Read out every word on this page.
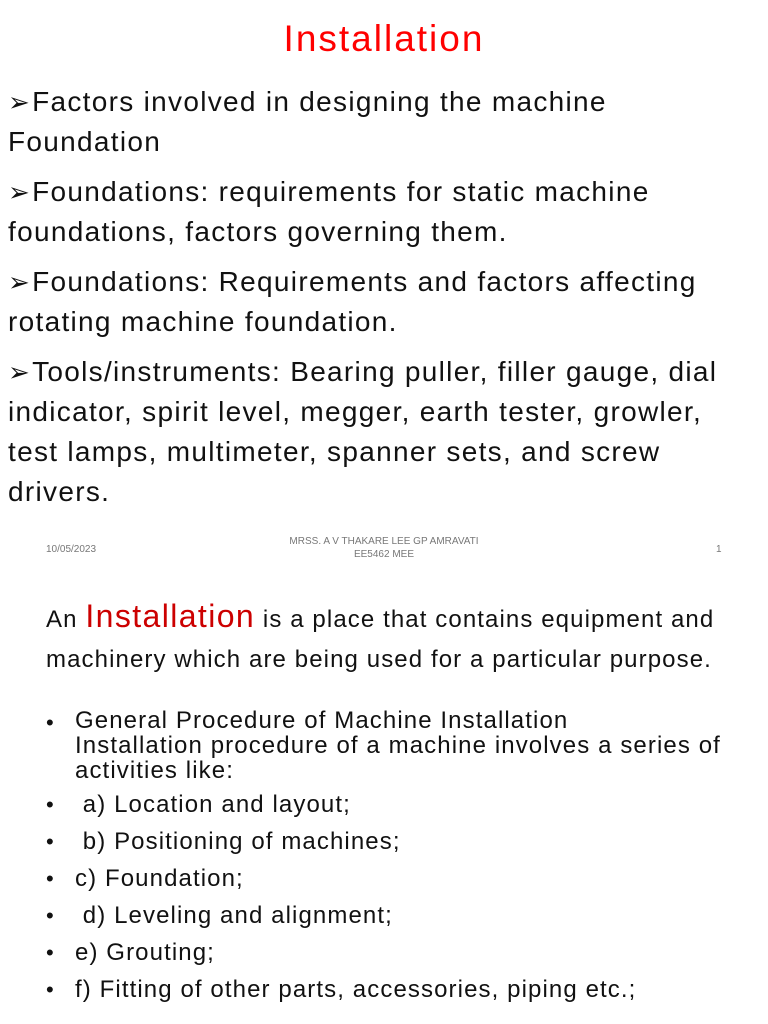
Installation
➢Factors involved in designing the machine Foundation
➢Foundations: requirements for static machine foundations, factors governing them.
➢Foundations: Requirements and factors affecting rotating machine foundation.
➢Tools/instruments: Bearing puller, filler gauge, dial indicator, spirit level, megger, earth tester, growler, test lamps, multimeter, spanner sets, and screw drivers.
10/05/2023
MRSS. A V THAKARE LEE GP AMRAVATI
EE5462 MEE	1

An Installation is a place that contains equipment and machinery which are being used for a particular purpose.

• General Procedure of Machine Installation
Installation procedure of a machine involves a series of activities like:
• a) Location and layout;
• b) Positioning of machines;
• c) Foundation;
• d) Leveling and alignment;
• e) Grouting;
• f) Fitting of other parts, accessories, piping etc.;
